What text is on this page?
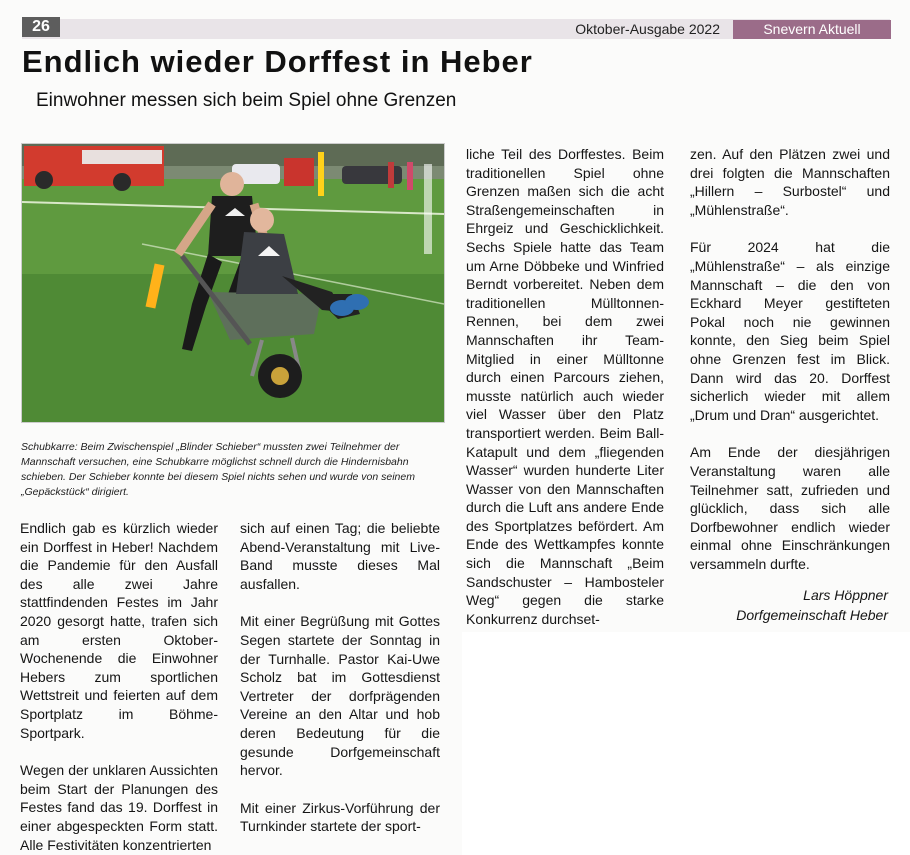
26	Oktober-Ausgabe 2022	Snevern Aktuell
Endlich wieder Dorffest in Heber
Einwohner messen sich beim Spiel ohne Grenzen
Schubkarre: Beim Zwischenspiel „Blinder Schieber“ mussten zwei Teilnehmer der Mannschaft versuchen, eine Schubkarre möglichst schnell durch die Hindernisbahn schieben. Der Schieber konnte bei diesem Spiel nichts sehen und wurde von seinem „Gepäckstück“ dirigiert.

Endlich gab es kürzlich wieder ein Dorffest in Heber! Nachdem die Pandemie für den Ausfall des alle zwei Jahre stattfindenden Festes im Jahr 2020 gesorgt hatte, trafen sich am ersten Oktober-Wochenende die Einwohner Hebers zum sportlichen Wettstreit und feierten auf dem Sportplatz im Böhme-Sportpark.

Wegen der unklaren Aussichten beim Start der Planungen des Festes fand das 19. Dorffest in einer abgespeckten Form statt. Alle Festivitäten konzentrierten

sich auf einen Tag; die beliebte Abend-Veranstaltung mit Live-Band musste dieses Mal ausfallen.

Mit einer Begrüßung mit Gottes Segen startete der Sonntag in der Turnhalle. Pastor Kai-Uwe Scholz bat im Gottesdienst Vertreter der dorfprägenden Vereine an den Altar und hob deren Bedeutung für die gesunde Dorfgemeinschaft hervor.

Mit einer Zirkus-Vorführung der Turnkinder startete der sport-

liche Teil des Dorffestes. Beim traditionellen Spiel ohne Grenzen maßen sich die acht Straßengemeinschaften in Ehrgeiz und Geschicklichkeit. Sechs Spiele hatte das Team um Arne Döbbeke und Winfried Berndt vorbereitet. Neben dem traditionellen Mülltonnen-Rennen, bei dem zwei Mannschaften ihr Team-Mitglied in einer Mülltonne durch einen Parcours ziehen, musste natürlich auch wieder viel Wasser über den Platz transportiert werden. Beim Ball-Katapult und dem „fliegenden Wasser“ wurden hunderte Liter Wasser von den Mannschaften durch die Luft ans andere Ende des Sportplatzes befördert. Am Ende des Wettkampfes konnte sich die Mannschaft „Beim Sandschuster – Hambosteler Weg“ gegen die starke Konkurrenz durchset-

zen. Auf den Plätzen zwei und drei folgten die Mannschaften „Hillern – Surbostel“ und „Mühlenstraße“.

Für 2024 hat die „Mühlenstraße“ – als einzige Mannschaft – die den von Eckhard Meyer gestifteten Pokal noch nie gewinnen konnte, den Sieg beim Spiel ohne Grenzen fest im Blick. Dann wird das 20. Dorffest sicherlich wieder mit allem „Drum und Dran“ ausgerichtet.

Am Ende der diesjährigen Veranstaltung waren alle Teilnehmer satt, zufrieden und glücklich, dass sich alle Dorfbewohner endlich wieder einmal ohne Einschränkungen versammeln durfte.

Lars Höppner
Dorfgemeinschaft Heber
